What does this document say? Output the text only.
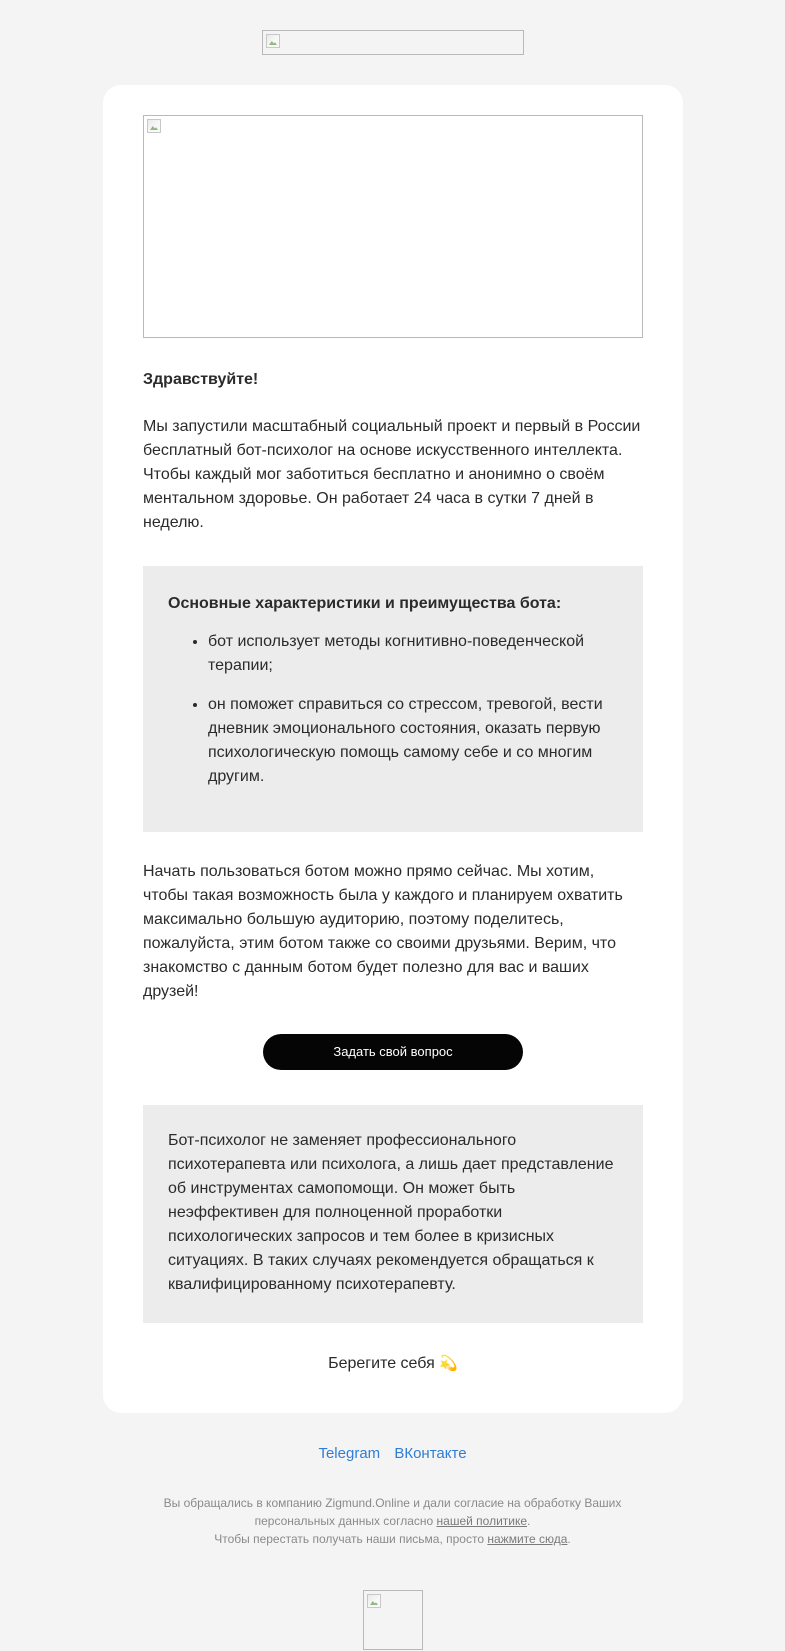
Здравствуйте!

Мы запустили масштабный социальный проект и первый в России бесплатный бот-психолог на основе искусственного интеллекта. Чтобы каждый мог заботиться бесплатно и анонимно о своём ментальном здоровье. Он работает 24 часа в сутки 7 дней в неделю.

Основные характеристики и преимущества бота:

• бот использует методы когнитивно-поведенческой терапии;
• он поможет справиться со стрессом, тревогой, вести дневник эмоционального состояния, оказать первую психологическую помощь самому себе и со многим другим.

Начать пользоваться ботом можно прямо сейчас. Мы хотим, чтобы такая возможность была у каждого и планируем охватить максимально большую аудиторию, поэтому поделитесь, пожалуйста, этим ботом также со своими друзьями. Верим, что знакомство с данным ботом будет полезно для вас и ваших друзей!

Задать свой вопрос

Бот-психолог не заменяет профессионального психотерапевта или психолога, а лишь дает представление об инструментах самопомощи. Он может быть неэффективен для полноценной проработки психологических запросов и тем более в кризисных ситуациях. В таких случаях рекомендуется обращаться к квалифицированному психотерапевту.

Берегите себя 💫
Telegram ВКонтакте

Вы обращались в компанию Zigmund.Online и дали согласие на обработку Ваших персональных данных согласно нашей политике.

Чтобы перестать получать наши письма, просто нажмите сюда.
